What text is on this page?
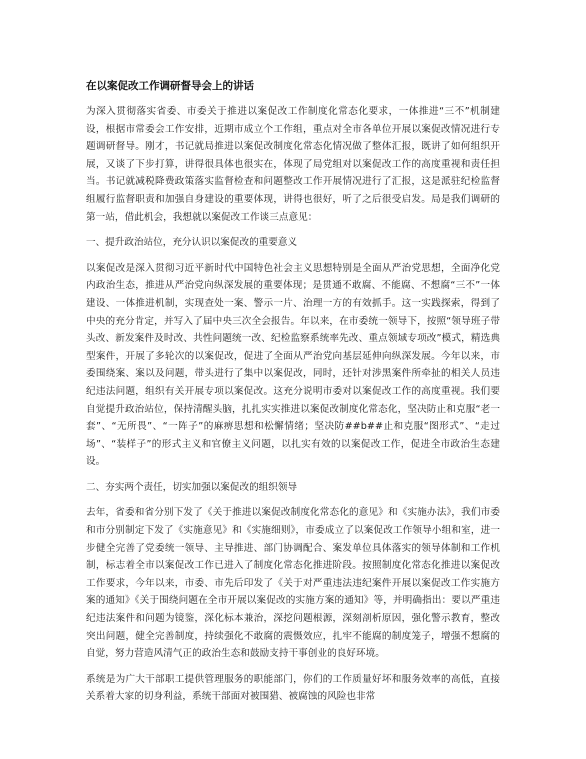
在以案促改工作调研督导会上的讲话

为深入贯彻落实省委、市委关于推进以案促改工作制度化常态化要求，一体推进“三不”机制建设，根据市常委会工作安排，近期市成立个工作组，重点对全市各单位开展以案促改情况进行专题调研督导。刚才，书记就局推进以案促改制度化常态化情况做了整体汇报，既讲了如何组织开展，又谈了下步打算，讲得很具体也很实在，体现了局党组对以案促改工作的高度重视和责任担当。书记就减税降费政策落实监督检查和问题整改工作开展情况进行了汇报，这是派驻纪检监督组履行监督职责和加强自身建设的重要体现，讲得也很好，听了之后很受启发。局是我们调研的第一站，借此机会，我想就以案促改工作谈三点意见：

一、提升政治站位，充分认识以案促改的重要意义

以案促改是深入贯彻习近平新时代中国特色社会主义思想特别是全面从严治党思想，全面净化党内政治生态，推进从严治党向纵深发展的重要体现；是贯通不敢腐、不能腐、不想腐“三不”一体建设、一体推进机制，实现查处一案、警示一片、治理一方的有效抓手。这一实践探索，得到了中央的充分肯定，并写入了届中央三次全会报告。年以来，在市委统一领导下，按照“领导班子带头改、新发案件及时改、共性问题统一改、纪检监察系统率先改、重点领域专项改”模式，精选典型案件，开展了多轮次的以案促改，促进了全面从严治党向基层延伸向纵深发展。今年以来，市委围绕案、案以及问题，带头进行了集中以案促改，同时，还针对涉黑案件所牵扯的相关人员违纪违法问题，组织有关开展专项以案促改。这充分说明市委对以案促改工作的高度重视。我们要自觉提升政治站位，保持清醒头脑，扎扎实实推进以案促改制度化常态化，坚决防止和克服“老一套”、“无所畏”、“一阵子”的麻痹思想和松懈情绪；坚决防##b##止和克服“图形式”、“走过场”、“装样子”的形式主义和官僚主义问题，以扎实有效的以案促改工作，促进全市政治生态建设。

二、夯实两个责任，切实加强以案促改的组织领导

去年，省委和省分别下发了《关于推进以案促改制度化常态化的意见》和《实施办法》，我们市委和市分别制定下发了《实施意见》和《实施细则》，市委成立了以案促改工作领导小组和室，进一步健全完善了党委统一领导、主导推进、部门协调配合、案发单位具体落实的领导体制和工作机制，标志着全市以案促改工作已进入了制度化常态化推进阶段。按照制度化常态化推进以案促改工作要求，今年以来，市委、市先后印发了《关于对严重违法违纪案件开展以案促改工作实施方案的通知》《关于围绕问题在全市开展以案促改的实施方案的通知》等，并明确指出：要以严重违纪违法案件和问题为镜鉴，深化标本兼治，深挖问题根源，深刻剖析原因，强化警示教育，整改突出问题，健全完善制度，持续强化不敢腐的震慑效应，扎牢不能腐的制度笼子，增强不想腐的自觉，努力营造风清气正的政治生态和鼓励支持干事创业的良好环境。

系统是为广大干部职工提供管理服务的职能部门，你们的工作质量好坏和服务效率的高低，直接关系着大家的切身利益，系统干部面对被围猎、被腐蚀的风险也非常
